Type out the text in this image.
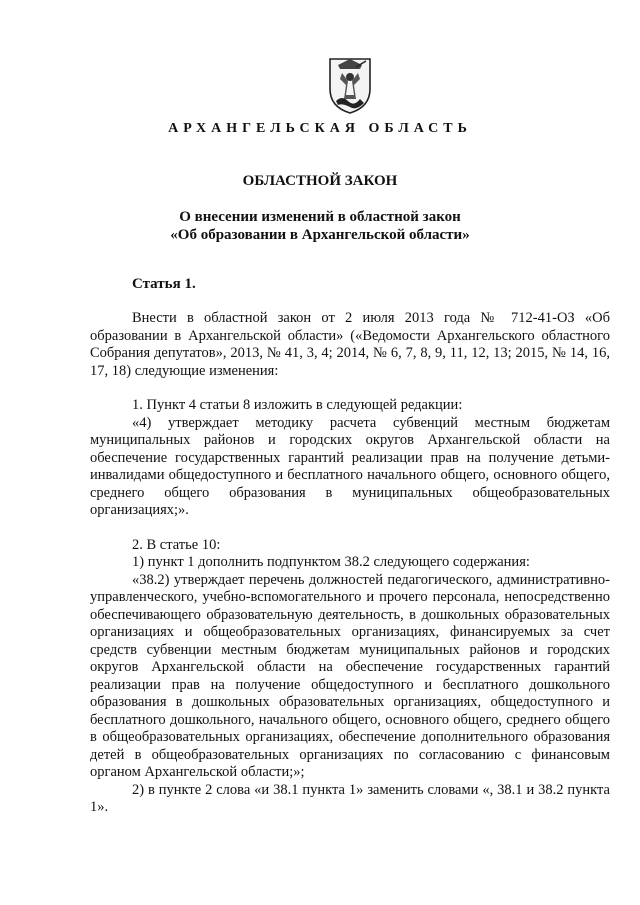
АРХАНГЕЛЬСКАЯ ОБЛАСТЬ
ОБЛАСТНОЙ ЗАКОН
О внесении изменений в областной закон
«Об образовании в Архангельской области»
Статья 1.

Внести в областной закон от 2 июля 2013 года № 712-41-ОЗ «Об образовании в Архангельской области» («Ведомости Архангельского областного Собрания депутатов», 2013, № 41, 3, 4; 2014, № 6, 7, 8, 9, 11, 12, 13; 2015, № 14, 16, 17, 18) следующие изменения:

1. Пункт 4 статьи 8 изложить в следующей редакции:

«4) утверждает методику расчета субвенций местным бюджетам муниципальных районов и городских округов Архангельской области на обеспечение государственных гарантий реализации прав на получение детьми-инвалидами общедоступного и бесплатного начального общего, основного общего, среднего общего образования в муниципальных общеобразовательных организациях;».

2. В статье 10:

1) пункт 1 дополнить подпунктом 38.2 следующего содержания:

«38.2) утверждает перечень должностей педагогического, административно-управленческого, учебно-вспомогательного и прочего персонала, непосредственно обеспечивающего образовательную деятельность, в дошкольных образовательных организациях и общеобразовательных организациях, финансируемых за счет средств субвенции местным бюджетам муниципальных районов и городских округов Архангельской области на обеспечение государственных гарантий реализации прав на получение общедоступного и бесплатного дошкольного образования в дошкольных образовательных организациях, общедоступного и бесплатного дошкольного, начального общего, основного общего, среднего общего в общеобразовательных организациях, обеспечение дополнительного образования детей в общеобразовательных организациях по согласованию с финансовым органом Архангельской области;»;

2) в пункте 2 слова «и 38.1 пункта 1» заменить словами «, 38.1 и 38.2 пункта 1».
